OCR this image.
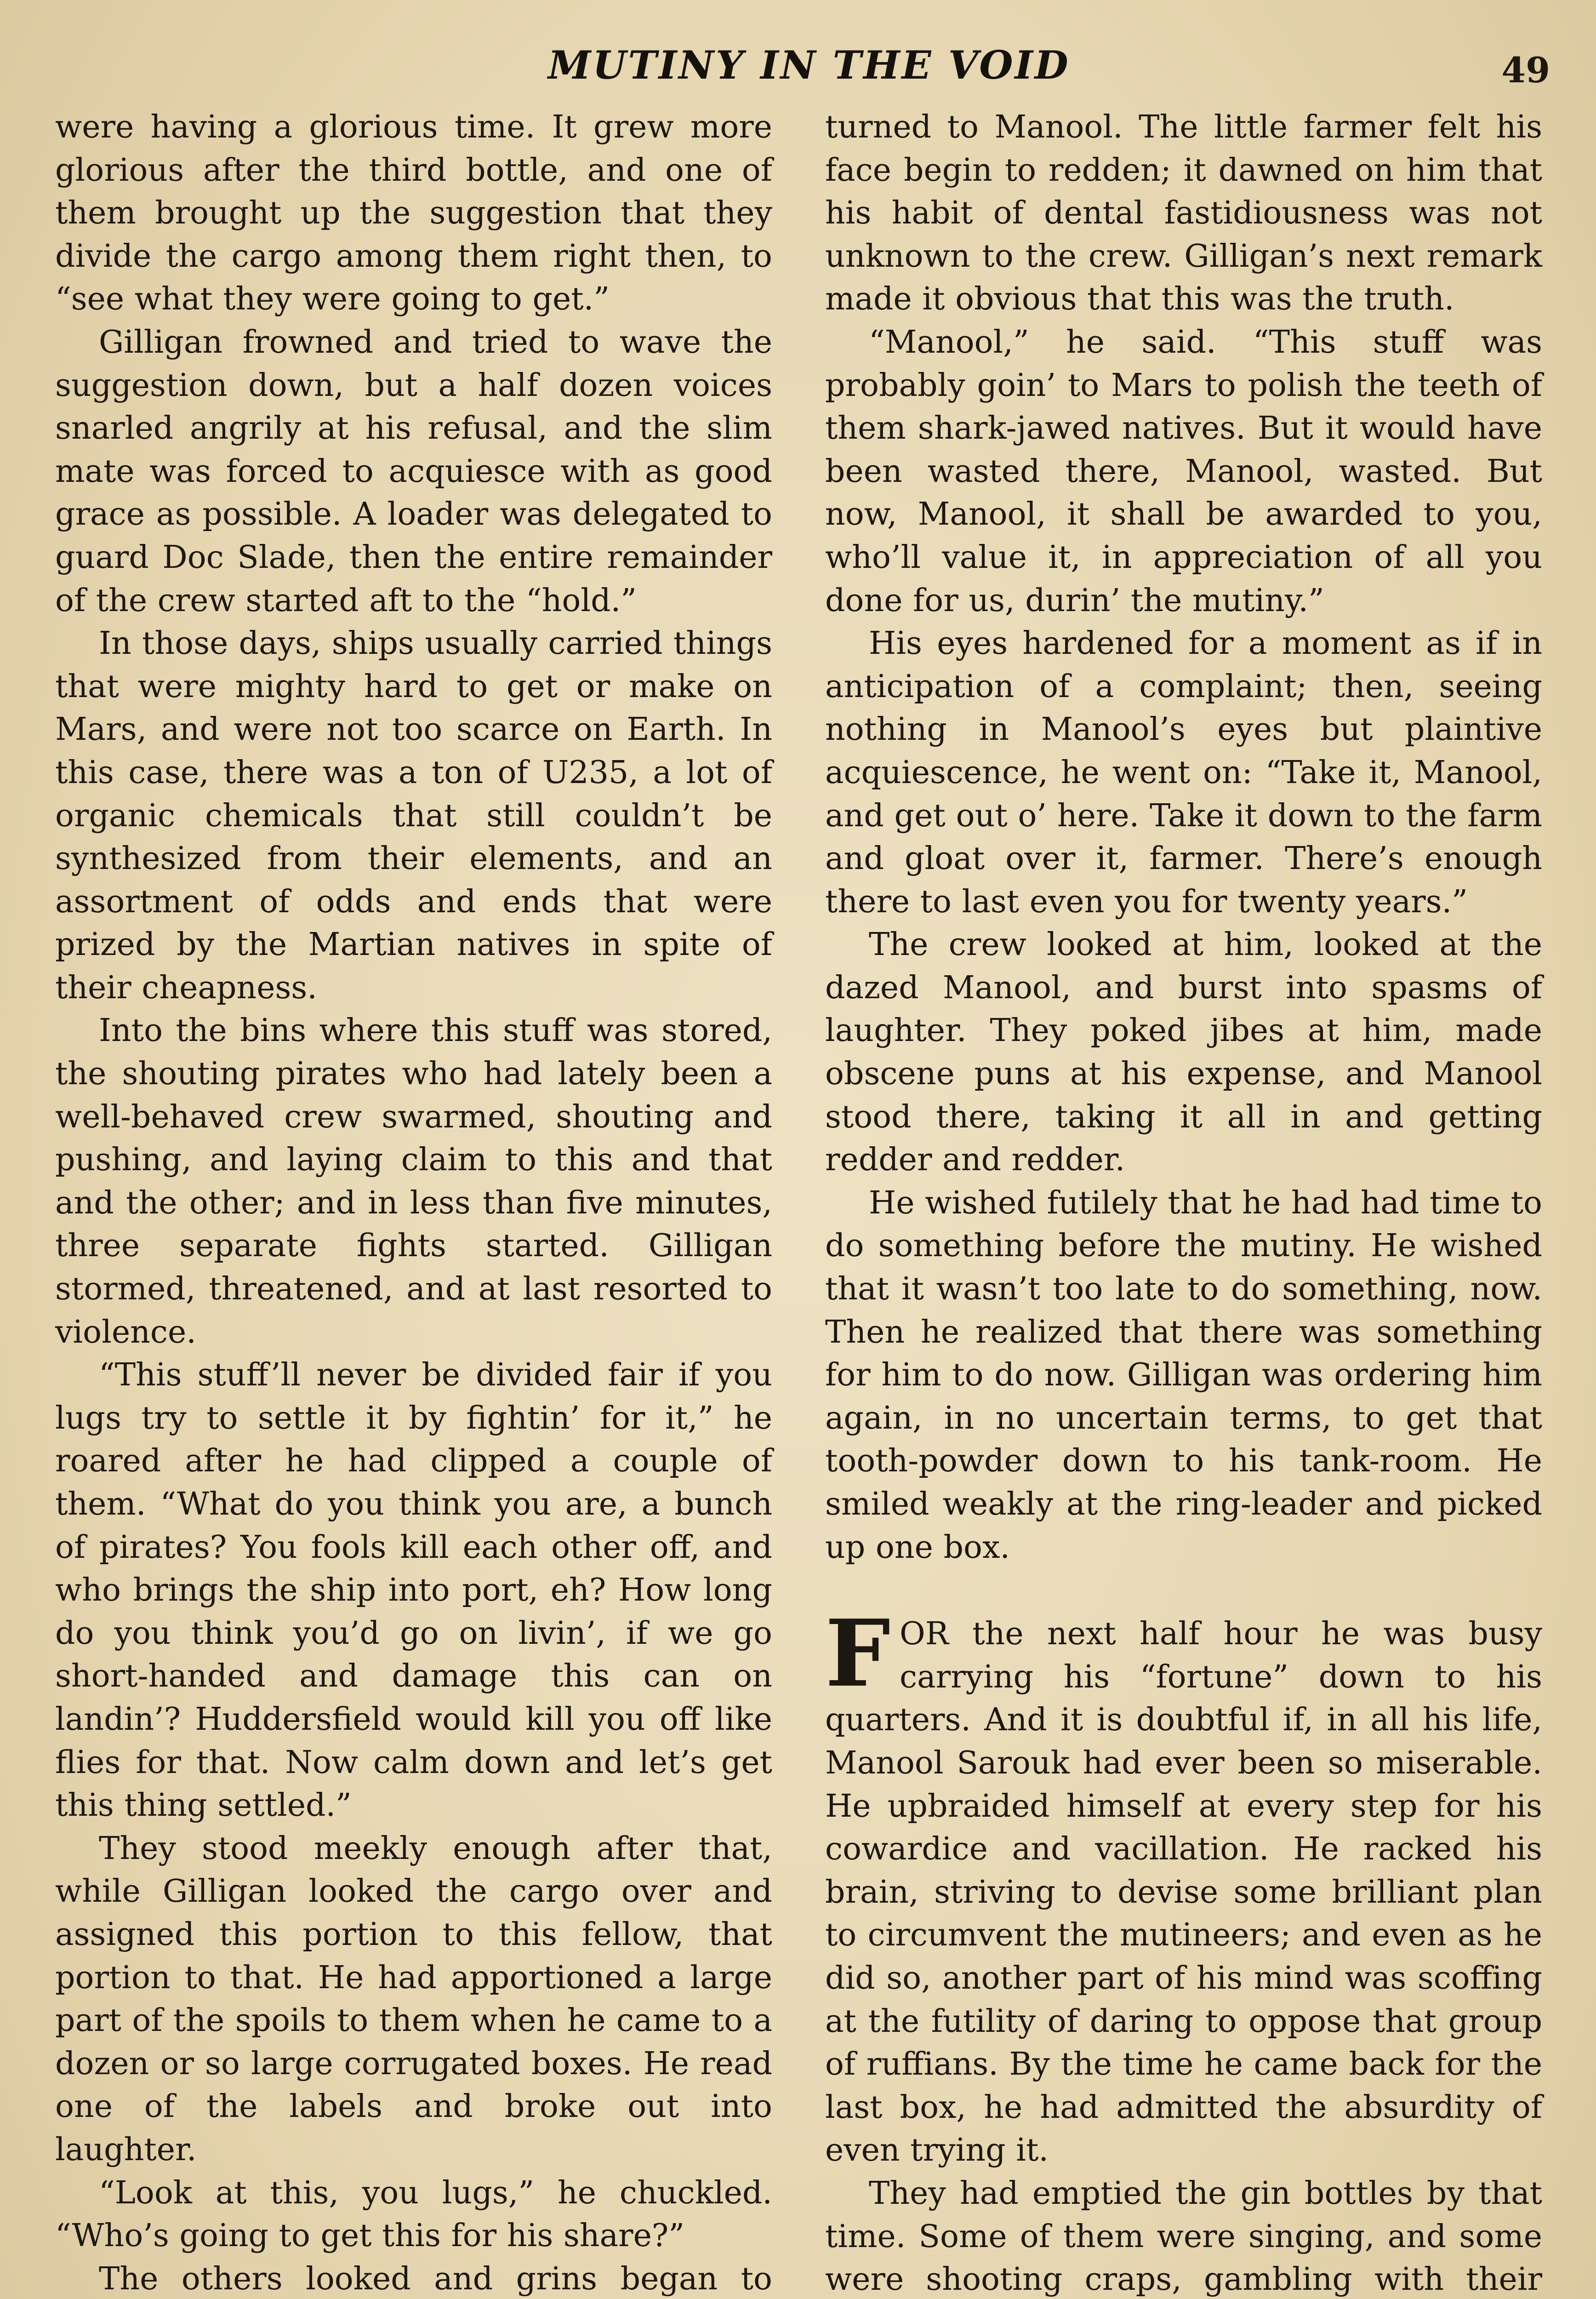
MUTINY IN THE VOID	49

were having a glorious time. It grew more glorious after the third bottle, and one of them brought up the suggestion that they divide the cargo among them right then, to “see what they were going to get.”

Gilligan frowned and tried to wave the suggestion down, but a half dozen voices snarled angrily at his refusal, and the slim mate was forced to acquiesce with as good grace as possible. A loader was delegated to guard Doc Slade, then the entire remainder of the crew started aft to the “hold.”

In those days, ships usually carried things that were mighty hard to get or make on Mars, and were not too scarce on Earth. In this case, there was a ton of U235, a lot of organic chemicals that still couldn’t be synthesized from their elements, and an assortment of odds and ends that were prized by the Martian natives in spite of their cheapness.

Into the bins where this stuff was stored, the shouting pirates who had lately been a well-behaved crew swarmed, shouting and pushing, and laying claim to this and that and the other; and in less than five minutes, three separate fights started. Gilligan stormed, threatened, and at last resorted to violence.

“This stuff’ll never be divided fair if you lugs try to settle it by fightin’ for it,” he roared after he had clipped a couple of them. “What do you think you are, a bunch of pirates? You fools kill each other off, and who brings the ship into port, eh? How long do you think you’d go on livin’, if we go short-handed and damage this can on landin’? Huddersfield would kill you off like flies for that. Now calm down and let’s get this thing settled.”

They stood meekly enough after that, while Gilligan looked the cargo over and assigned this portion to this fellow, that portion to that. He had apportioned a large part of the spoils to them when he came to a dozen or so large corrugated boxes. He read one of the labels and broke out into laughter.

“Look at this, you lugs,” he chuckled. “Who’s going to get this for his share?”

The others looked and grins began to

turned to Manool. The little farmer felt his face begin to redden; it dawned on him that his habit of dental fastidiousness was not unknown to the crew. Gilligan’s next remark made it obvious that this was the truth.

“Manool,” he said. “This stuff was probably goin’ to Mars to polish the teeth of them shark-jawed natives. But it would have been wasted there, Manool, wasted. But now, Manool, it shall be awarded to you, who’ll value it, in appreciation of all you done for us, durin’ the mutiny.”

His eyes hardened for a moment as if in anticipation of a complaint; then, seeing nothing in Manool’s eyes but plaintive acquiescence, he went on: “Take it, Manool, and get out o’ here. Take it down to the farm and gloat over it, farmer. There’s enough there to last even you for twenty years.”

The crew looked at him, looked at the dazed Manool, and burst into spasms of laughter. They poked jibes at him, made obscene puns at his expense, and Manool stood there, taking it all in and getting redder and redder.

He wished futilely that he had had time to do something before the mutiny. He wished that it wasn’t too late to do something, now. Then he realized that there was something for him to do now. Gilligan was ordering him again, in no uncertain terms, to get that tooth-powder down to his tank-room. He smiled weakly at the ring-leader and picked up one box.

FOR the next half hour he was busy carrying his “fortune” down to his quarters. And it is doubtful if, in all his life, Manool Sarouk had ever been so miserable. He upbraided himself at every step for his cowardice and vacillation. He racked his brain, striving to devise some brilliant plan to circumvent the mutineers; and even as he did so, another part of his mind was scoffing at the futility of daring to oppose that group of ruffians. By the time he came back for the last box, he had admitted the absurdity of even trying it.

They had emptied the gin bottles by that time. Some of them were singing, and some were shooting craps, gambling with their
